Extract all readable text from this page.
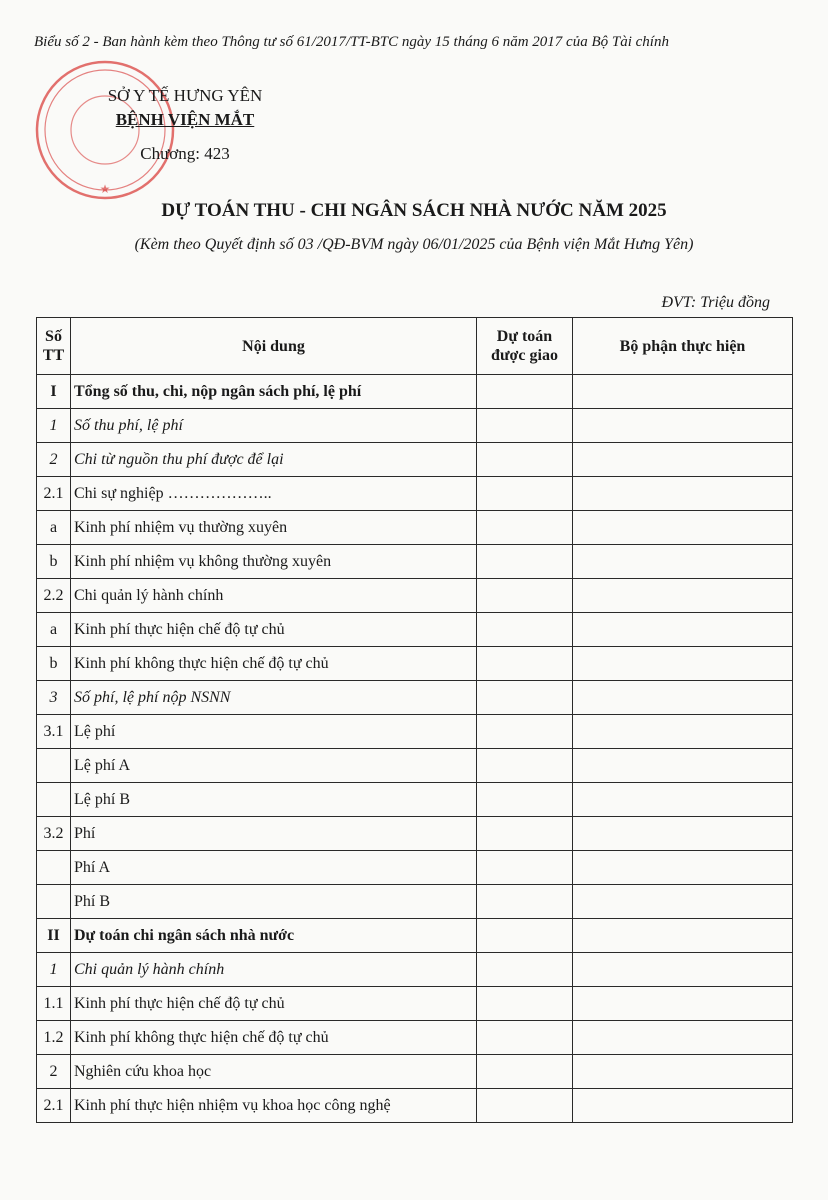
★
Biểu số 2 - Ban hành kèm theo Thông tư số 61/2017/TT-BTC ngày 15 tháng 6 năm 2017 của Bộ Tài chính
SỞ Y TẾ HƯNG YÊN
BỆNH VIỆN MẮT
Chương: 423
DỰ TOÁN THU - CHI NGÂN SÁCH NHÀ NƯỚC NĂM 2025
(Kèm theo Quyết định số 03 /QĐ-BVM ngày 06/01/2025 của Bệnh viện Mắt Hưng Yên)
ĐVT: Triệu đồng
Số TT	Nội dung	Dự toán được giao	Bộ phận thực hiện
I	Tổng số thu, chi, nộp ngân sách phí, lệ phí		
1	Số thu phí, lệ phí		
2	Chi từ nguồn thu phí được để lại		
2.1	Chi sự nghiệp ………………..		
a	Kinh phí nhiệm vụ thường xuyên		
b	Kinh phí nhiệm vụ không thường xuyên		
2.2	Chi quản lý hành chính		
a	Kinh phí thực hiện chế độ tự chủ		
b	Kinh phí không thực hiện chế độ tự chủ		
3	Số phí, lệ phí nộp NSNN		
3.1	Lệ phí		
	Lệ phí A		
	Lệ phí B		
3.2	Phí		
	Phí A		
	Phí B		
II	Dự toán chi ngân sách nhà nước		
1	Chi quản lý hành chính		
1.1	Kinh phí thực hiện chế độ tự chủ		
1.2	Kinh phí không thực hiện chế độ tự chủ		
2	Nghiên cứu khoa học		
2.1	Kinh phí thực hiện nhiệm vụ khoa học công nghệ		
